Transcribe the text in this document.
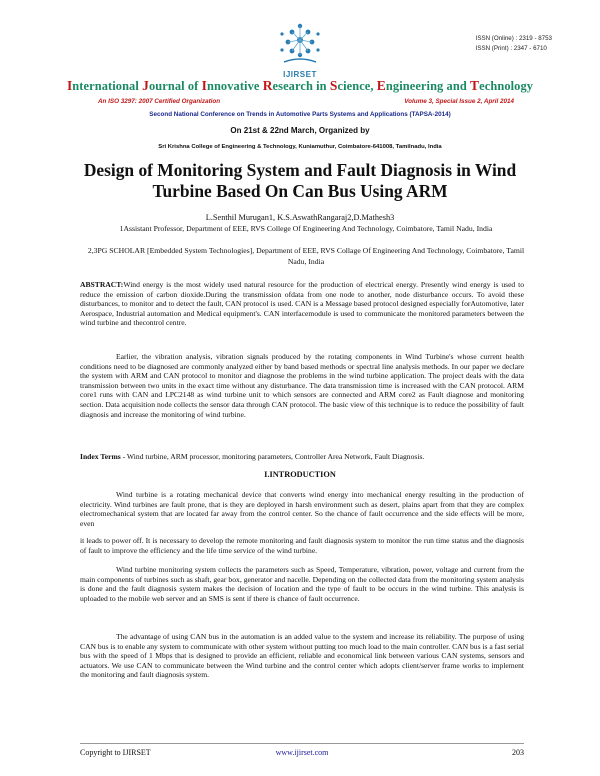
ISSN (Online) : 2319 - 8753
ISSN (Print) : 2347 - 6710
IJIRSET
International Journal of Innovative Research in Science, Engineering and Technology
An ISO 3297: 2007 Certified Organization	Volume 3, Special Issue 2, April 2014
Second National Conference on Trends in Automotive Parts Systems and Applications (TAPSA-2014)
On 21st & 22nd March, Organized by
Sri Krishna College of Engineering & Technology, Kuniamuthur, Coimbatore-641008, Tamilnadu, India
Design of Monitoring System and Fault Diagnosis in Wind Turbine Based On Can Bus Using ARM
L.Senthil Murugan1, K.S.AswathRangaraj2,D.Mathesh3
1Assistant Professor, Department of EEE, RVS College Of Engineering And Technology, Coimbatore, Tamil Nadu, India
2,3PG SCHOLAR [Embedded System Technologies], Department of EEE, RVS Collage Of Engineering And Technology, Coimbatore, Tamil Nadu, India
ABSTRACT:Wind energy is the most widely used natural resource for the production of electrical energy. Presently wind energy is used to reduce the emission of carbon dioxide.During the transmission ofdata from one node to another, node disturbance occurs. To avoid these disturbances, to monitor and to detect the fault, CAN protocol is used. CAN is a Message based protocol designed especially forAutomotive, later Aerospace, Industrial automation and Medical equipment's. CAN interfacemodule is used to communicate the monitored parameters between the wind turbine and thecontrol centre.
Earlier, the vibration analysis, vibration signals produced by the rotating components in Wind Turbine's whose current health conditions need to be diagnosed are commonly analyzed either by band based methods or spectral line analysis methods. In our paper we declare the system with ARM and CAN protocol to monitor and diagnose the problems in the wind turbine application. The project deals with the data transmission between two units in the exact time without any disturbance. The data transmission time is increased with the CAN protocol. ARM core1 runs with CAN and LPC2148 as wind turbine unit to which sensors are connected and ARM core2 as Fault diagnose and monitoring section. Data acquisition node collects the sensor data through CAN protocol. The basic view of this technique is to reduce the possibility of fault diagnosis and increase the monitoring of wind turbine.
Index Terms - Wind turbine, ARM processor, monitoring parameters, Controller Area Network, Fault Diagnosis.
I.INTRODUCTION
Wind turbine is a rotating mechanical device that converts wind energy into mechanical energy resulting in the production of electricity. Wind turbines are fault prone, that is they are deployed in harsh environment such as desert, plains apart from that they are complex electromechanical system that are located far away from the control center. So the chance of fault occurrence and the side effects will be more, even
it leads to power off. It is necessary to develop the remote monitoring and fault diagnosis system to monitor the run time status and the diagnosis of fault to improve the efficiency and the life time service of the wind turbine.
Wind turbine monitoring system collects the parameters such as Speed, Temperature, vibration, power, voltage and current from the main components of turbines such as shaft, gear box, generator and nacelle. Depending on the collected data from the monitoring system analysis is done and the fault diagnosis system makes the decision of location and the type of fault to be occurs in the wind turbine. This analysis is uploaded to the mobile web server and an SMS is sent if there is chance of fault occurrence.
The advantage of using CAN bus in the automation is an added value to the system and increase its reliability. The purpose of using CAN bus is to enable any system to communicate with other system without putting too much load to the main controller. CAN bus is a fast serial bus with the speed of 1 Mbps that is designed to provide an efficient, reliable and economical link between various CAN systems, sensors and actuators. We use CAN to communicate between the Wind turbine and the control center which adopts client/server frame works to implement the monitoring and fault diagnosis system.
Copyright to IJIRSET	www.ijirset.com	203
